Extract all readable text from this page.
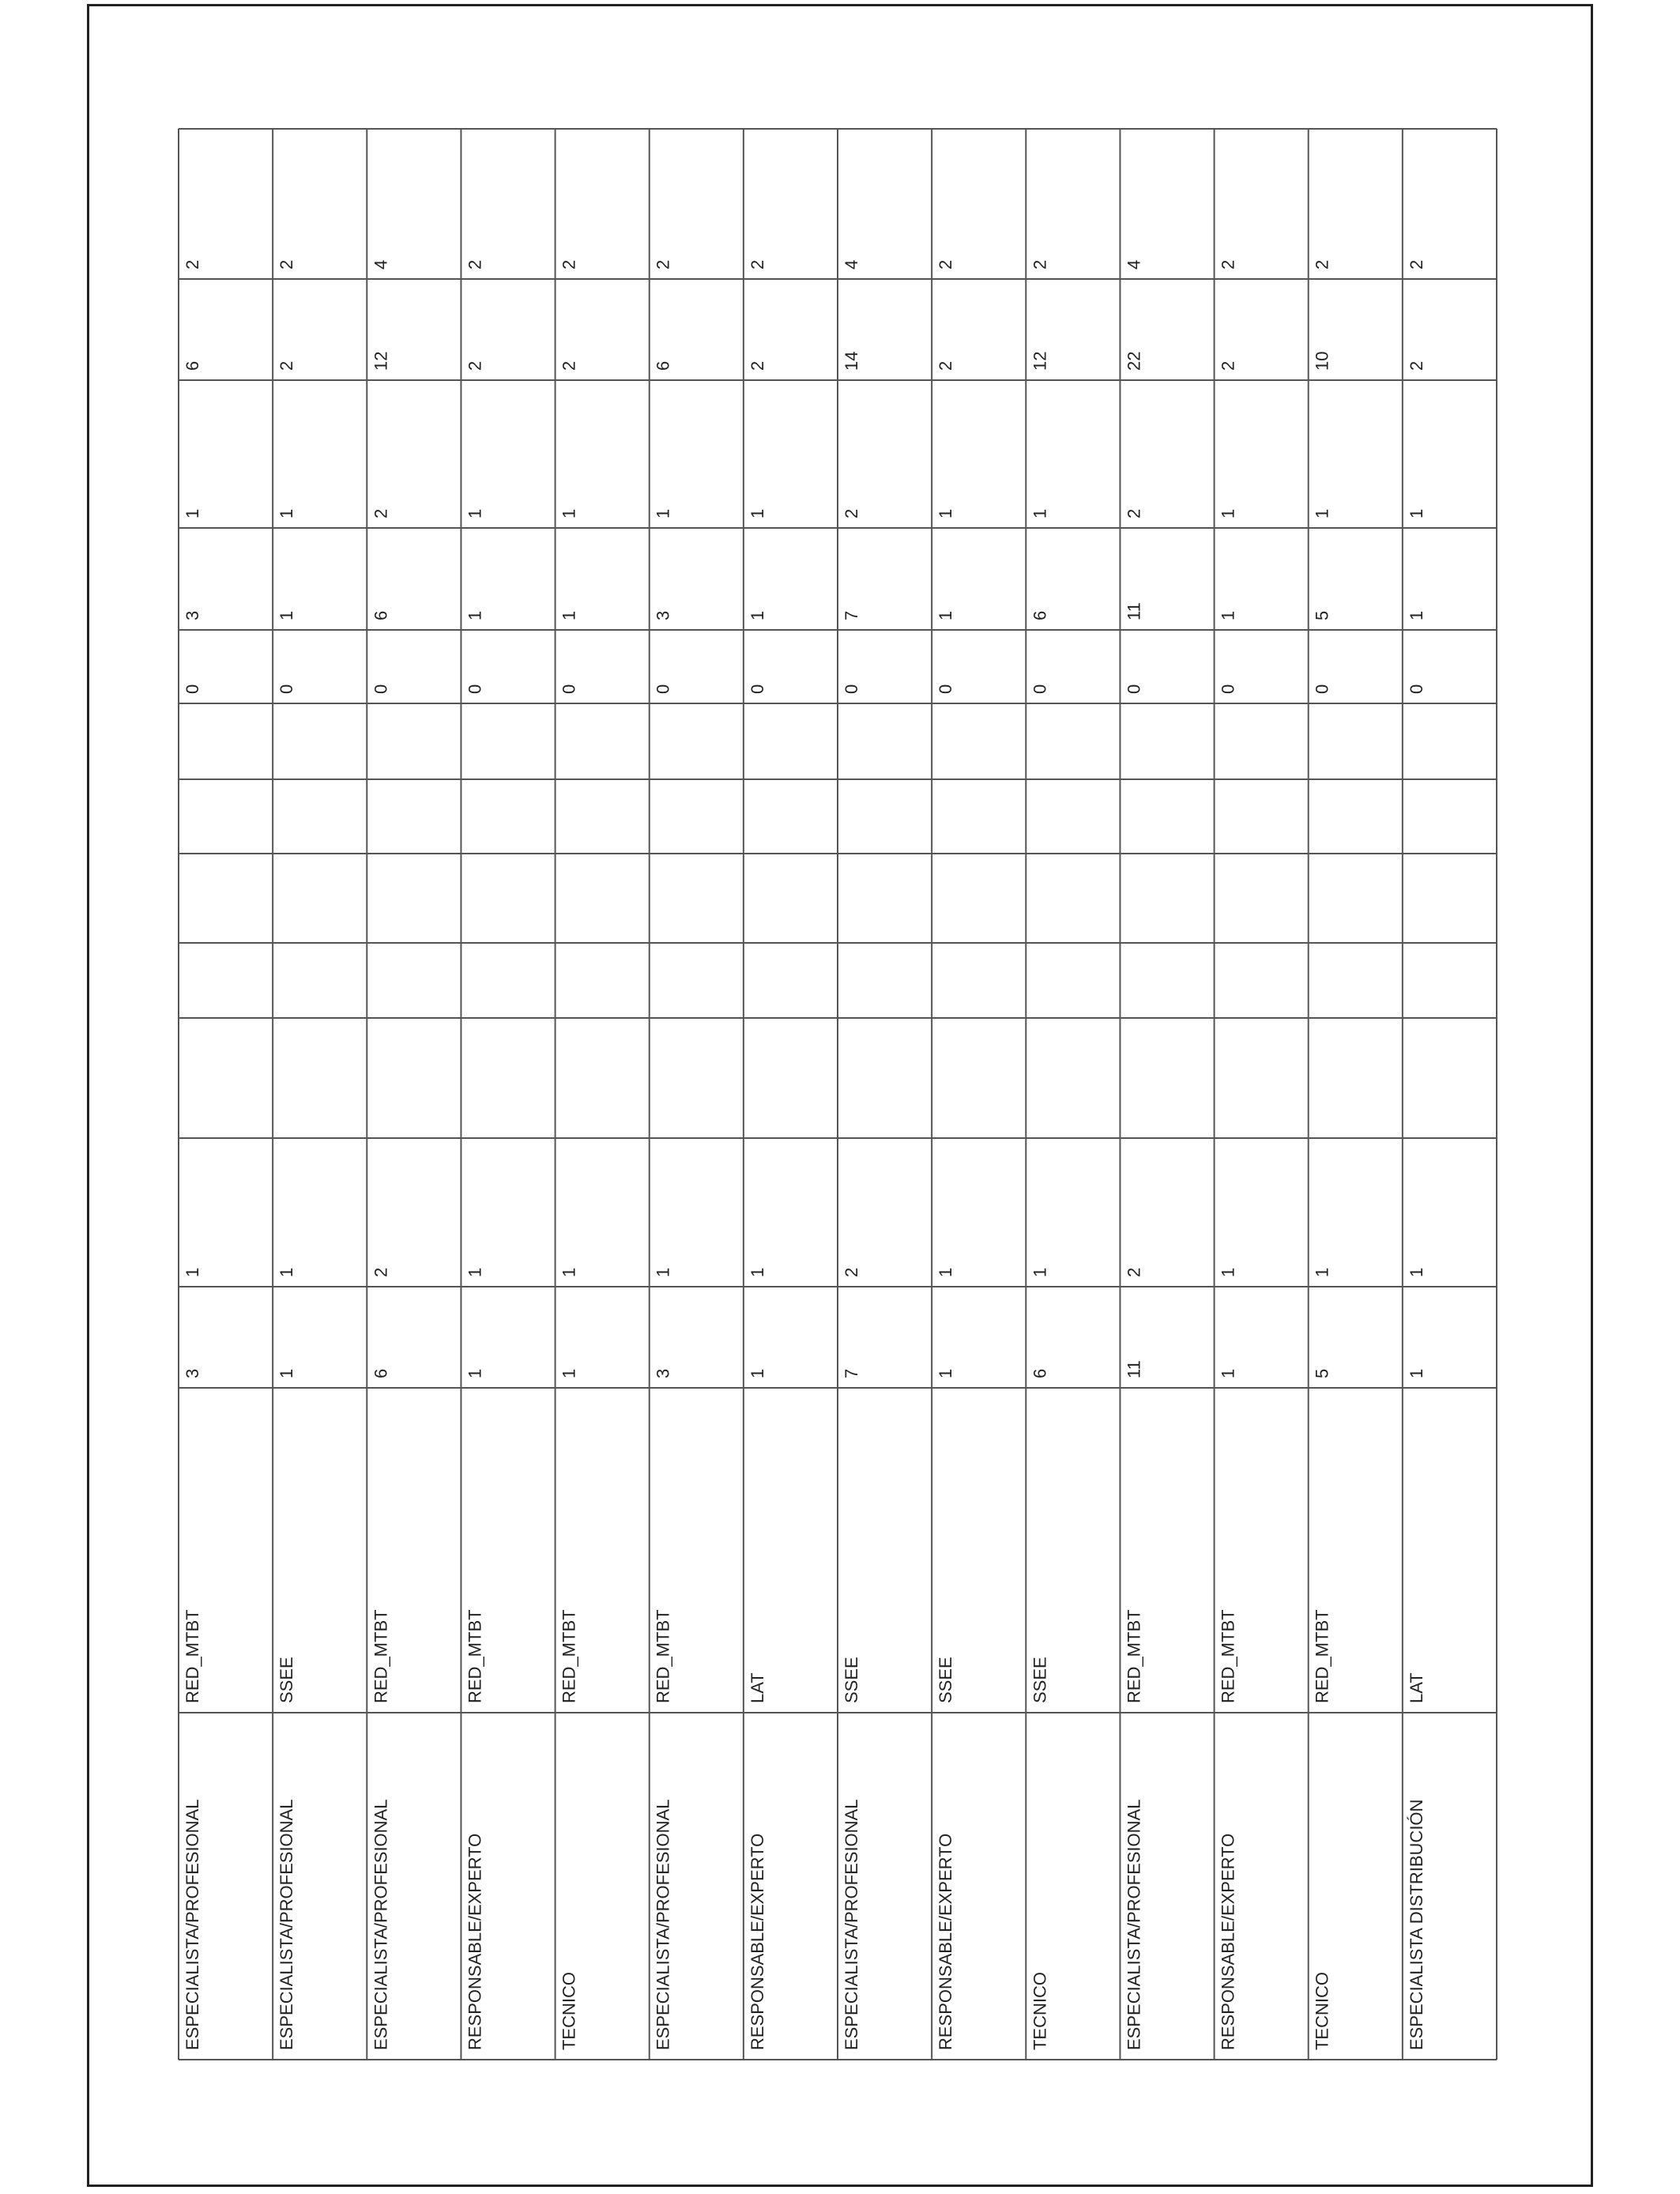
ESPECIALISTA/PROFESIONAL
RED_MTBT
3
1
0
3
1
6
2
ESPECIALISTA/PROFESIONAL
SSEE
1
1
0
1
1
2
2
ESPECIALISTA/PROFESIONAL
RED_MTBT
6
2
0
6
2
12
4
RESPONSABLE/EXPERTO
RED_MTBT
1
1
0
1
1
2
2
TECNICO
RED_MTBT
1
1
0
1
1
2
2
ESPECIALISTA/PROFESIONAL
RED_MTBT
3
1
0
3
1
6
2
RESPONSABLE/EXPERTO
LAT
1
1
0
1
1
2
2
ESPECIALISTA/PROFESIONAL
SSEE
7
2
0
7
2
14
4
RESPONSABLE/EXPERTO
SSEE
1
1
0
1
1
2
2
TECNICO
SSEE
6
1
0
6
1
12
2
ESPECIALISTA/PROFESIONAL
RED_MTBT
11
2
0
11
2
22
4
RESPONSABLE/EXPERTO
RED_MTBT
1
1
0
1
1
2
2
TECNICO
RED_MTBT
5
1
0
5
1
10
2
ESPECIALISTA DISTRIBUCIÓN
LAT
1
1
0
1
1
2
2
